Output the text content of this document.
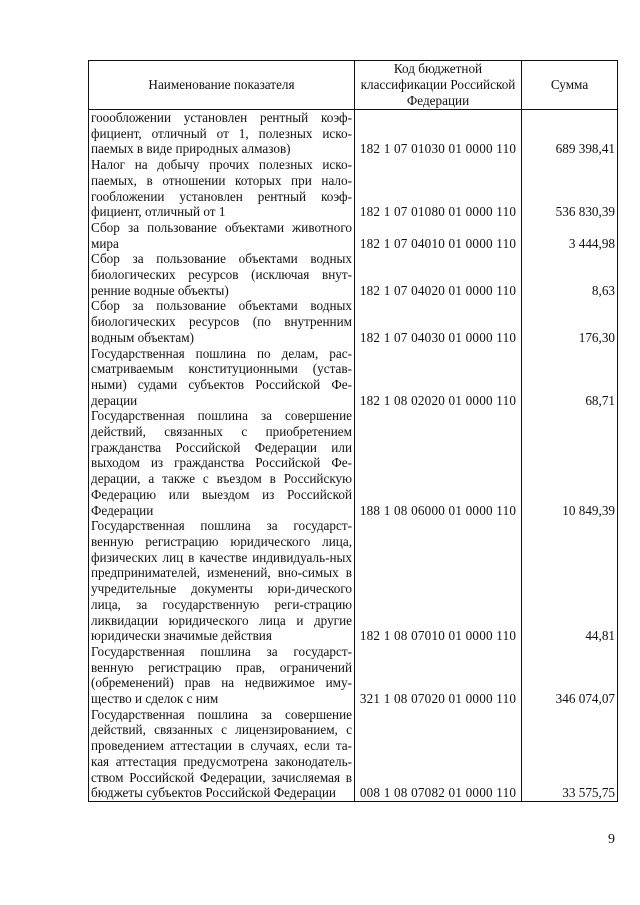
Наименование показателя	Код бюджетной классификации Российской Федерации	Сумма
гоообложении установлен рентный коэф-фициент, отличный от 1, полезных иско-паемых в виде природных алмазов)	182 1 07 01030 01 0000 110	689 398,41
Налог на добычу прочих полезных иско-паемых, в отношении которых при нало-гообложении установлен рентный коэф-фициент, отличный от 1	182 1 07 01080 01 0000 110	536 830,39
Сбор за пользование объектами животного мира	182 1 07 04010 01 0000 110	3 444,98
Сбор за пользование объектами водных биологических ресурсов (исключая внут-ренние водные объекты)	182 1 07 04020 01 0000 110	8,63
Сбор за пользование объектами водных биологических ресурсов (по внутренним водным объектам)	182 1 07 04030 01 0000 110	176,30
Государственная пошлина по делам, рас-сматриваемым конституционными (устав-ными) судами субъектов Российской Фе-дерации	182 1 08 02020 01 0000 110	68,71
Государственная пошлина за совершение действий, связанных с приобретением гражданства Российской Федерации или выходом из гражданства Российской Фе-дерации, а также с въездом в Российскую Федерацию или выездом из Российской Федерации	188 1 08 06000 01 0000 110	10 849,39
Государственная пошлина за государст-венную регистрацию юридического лица, физических лиц в качестве индивидуаль-ных предпринимателей, изменений, вно-симых в учредительные документы юри-дического лица, за государственную реги-страцию ликвидации юридического лица и другие юридически значимые действия	182 1 08 07010 01 0000 110	44,81
Государственная пошлина за государст-венную регистрацию прав, ограничений (обременений) прав на недвижимое иму-щество и сделок с ним	321 1 08 07020 01 0000 110	346 074,07
Государственная пошлина за совершение действий, связанных с лицензированием, с проведением аттестации в случаях, если та-кая аттестация предусмотрена законодатель-ством Российской Федерации, зачисляемая в бюджеты субъектов Российской Федерации	008 1 08 07082 01 0000 110	33 575,75
9
